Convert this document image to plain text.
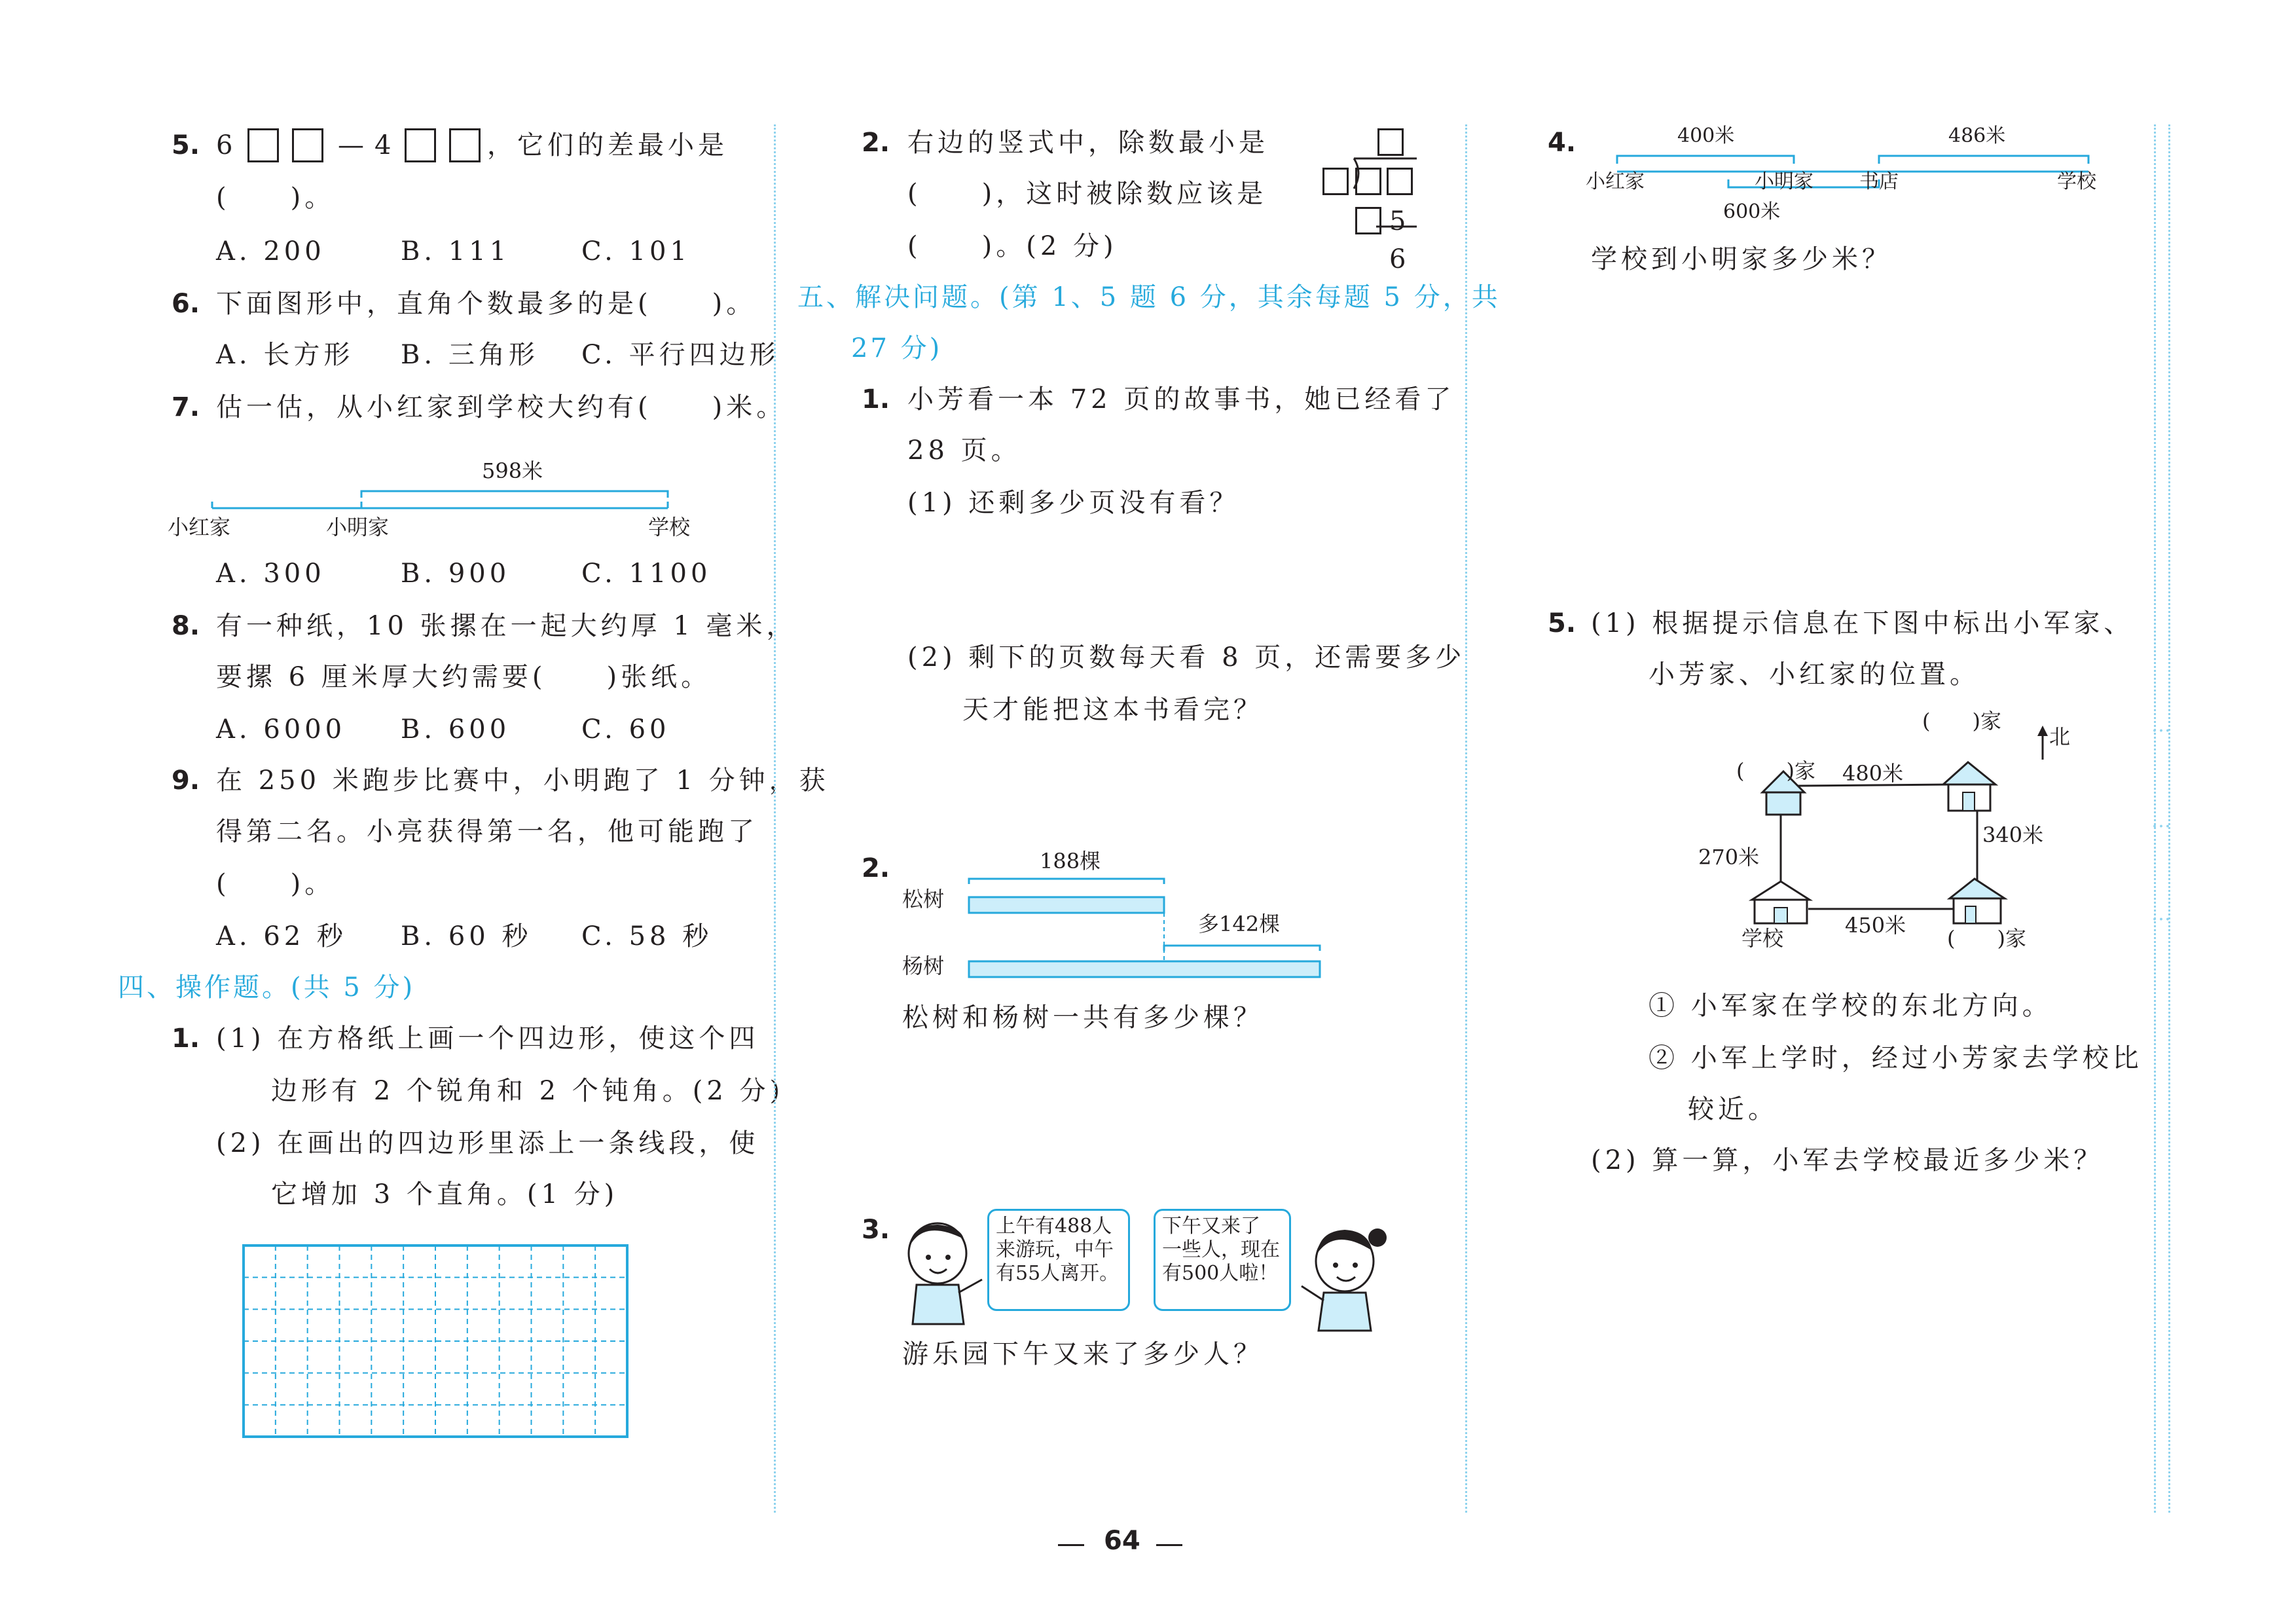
5. 6	— 4	，它们的差最小是
(　　)。
A. 200	B. 111	C. 101
6. 下面图形中，直角个数最多的是(　　)。
A. 长方形 B. 三角形 C. 平行四边形
7. 估一估，从小红家到学校大约有(　　)米。
598米
小红家	小明家	学校
A. 300	B. 900	C. 1100
8. 有一种纸，10 张摞在一起大约厚 1 毫米，
要摞 6 厘米厚大约需要(　　)张纸。
A. 6000 B. 600	C. 60
9. 在 250 米跑步比赛中，小明跑了 1 分钟，获
得第二名。小亮获得第一名，他可能跑了
(　　)。
A. 62 秒 B. 60 秒 C. 58 秒
四、操作题。(共 5 分)
1. (1) 在方格纸上画一个四边形，使这个四
边形有 2 个锐角和 2 个钝角。(2 分)
(2) 在画出的四边形里添上一条线段，使
它增加 3 个直角。(1 分)
2. 右边的竖式中，除数最小是
(　　)，这时被除数应该是
(　　)。(2 分)
5
6
五、解决问题。(第 1、5 题 6 分，其余每题 5 分，共
27 分)
1. 小芳看一本 72 页的故事书，她已经看了
28 页。
(1) 还剩多少页没有看？
(2) 剩下的页数每天看 8 页，还需要多少
天才能把这本书看完？
2.	188棵
松树
多142棵
杨树
松树和杨树一共有多少棵？
3.	上午有488人
来游玩，中午
有55人离开。
下午又来了
一些人，现在
有500人啦！
游乐园下午又来了多少人？
4.	400米	486米
小红家	小明家 书店	学校
600米
学校到小明家多少米？
5. (1) 根据提示信息在下图中标出小军家、
小芳家、小红家的位置。
(　　)家
北
(　　)家 480米
340米
270米
450米
学校	(　　)家
① 小军家在学校的东北方向。
② 小军上学时，经过小芳家去学校比
较近。
(2) 算一算，小军去学校最近多少米？
…
…
…
64
